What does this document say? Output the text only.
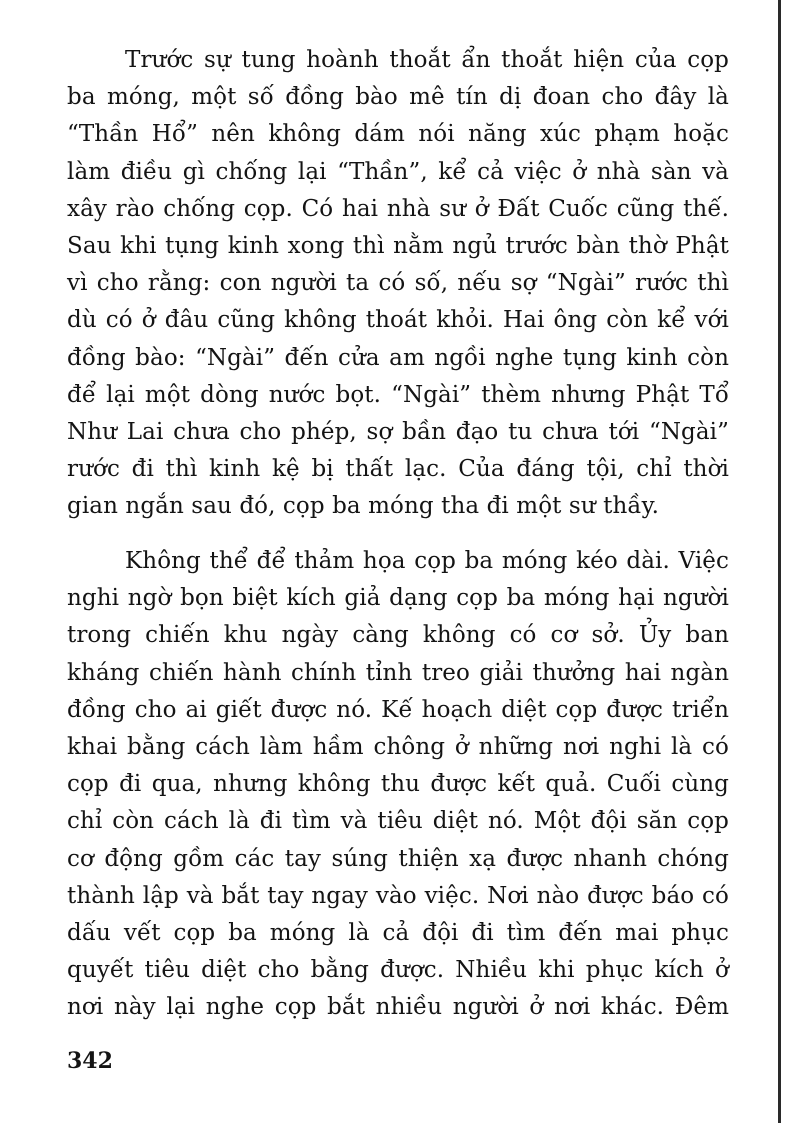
Trước sự tung hoành thoắt ẩn thoắt hiện của cọp
ba móng, một số đồng bào mê tín dị đoan cho đây là
“Thần Hổ” nên không dám nói năng xúc phạm hoặc
làm điều gì chống lại “Thần”, kể cả việc ở nhà sàn và
xây rào chống cọp. Có hai nhà sư ở Đất Cuốc cũng thế.
Sau khi tụng kinh xong thì nằm ngủ trước bàn thờ Phật
vì cho rằng: con người ta có số, nếu sợ “Ngài” rước thì
dù có ở đâu cũng không thoát khỏi. Hai ông còn kể với
đồng bào: “Ngài” đến cửa am ngồi nghe tụng kinh còn
để lại một dòng nước bọt. “Ngài” thèm nhưng Phật Tổ
Như Lai chưa cho phép, sợ bần đạo tu chưa tới “Ngài”
rước đi thì kinh kệ bị thất lạc. Của đáng tội, chỉ thời
gian ngắn sau đó, cọp ba móng tha đi một sư thầy.
Không thể để thảm họa cọp ba móng kéo dài. Việc
nghi ngờ bọn biệt kích giả dạng cọp ba móng hại người
trong chiến khu ngày càng không có cơ sở. Ủy ban
kháng chiến hành chính tỉnh treo giải thưởng hai ngàn
đồng cho ai giết được nó. Kế hoạch diệt cọp được triển
khai bằng cách làm hầm chông ở những nơi nghi là có
cọp đi qua, nhưng không thu được kết quả. Cuối cùng
chỉ còn cách là đi tìm và tiêu diệt nó. Một đội săn cọp
cơ động gồm các tay súng thiện xạ được nhanh chóng
thành lập và bắt tay ngay vào việc. Nơi nào được báo có
dấu vết cọp ba móng là cả đội đi tìm đến mai phục
quyết tiêu diệt cho bằng được. Nhiều khi phục kích ở
nơi này lại nghe cọp bắt nhiều người ở nơi khác. Đêm
342
